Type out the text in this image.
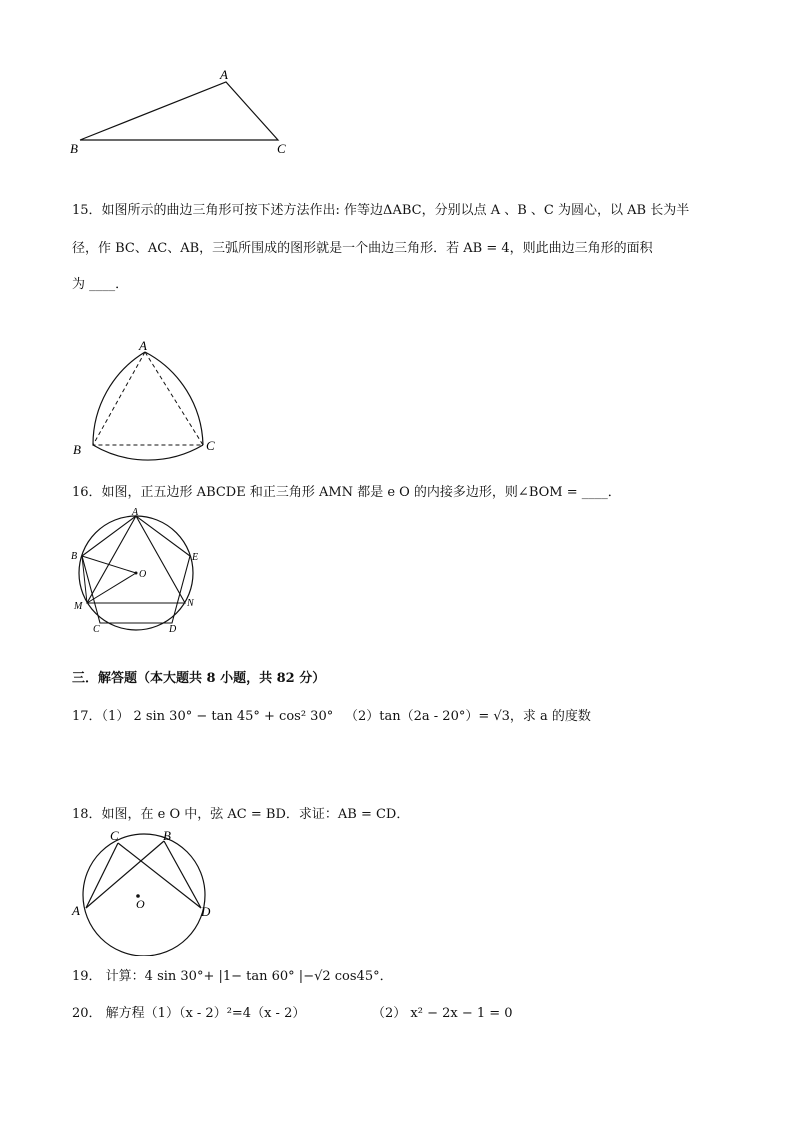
A
B	C
15．如图所示的曲边三角形可按下述方法作出: 作等边ΔABC，分别以点 A 、B 、C 为圆心，以 AB 长为半
径，作 BC、AC、AB，三弧所围成的图形就是一个曲边三角形．若 AB = 4，则此曲边三角形的面积
为 ____．
A
B	C
16．如图，正五边形 ABCDE 和正三角形 AMN 都是 e O 的内接多边形，则∠BOM = ____．
A
B	E
O
M	N
C	D
三．解答题（本大题共 8 小题，共 82 分）
17．（1） 2 sin 30° − tan 45° + cos² 30° （2）tan（2a - 20°）= √3，求 a 的度数
18．如图，在 e O 中，弦 AC = BD．求证：AB = CD．
C	B
O
A	D
19． 计算：4 sin 30°+ |1− tan 60° |−√2 cos45°．
20． 解方程（1）（x - 2）²=4（x - 2）	（2） x² − 2x − 1 = 0
